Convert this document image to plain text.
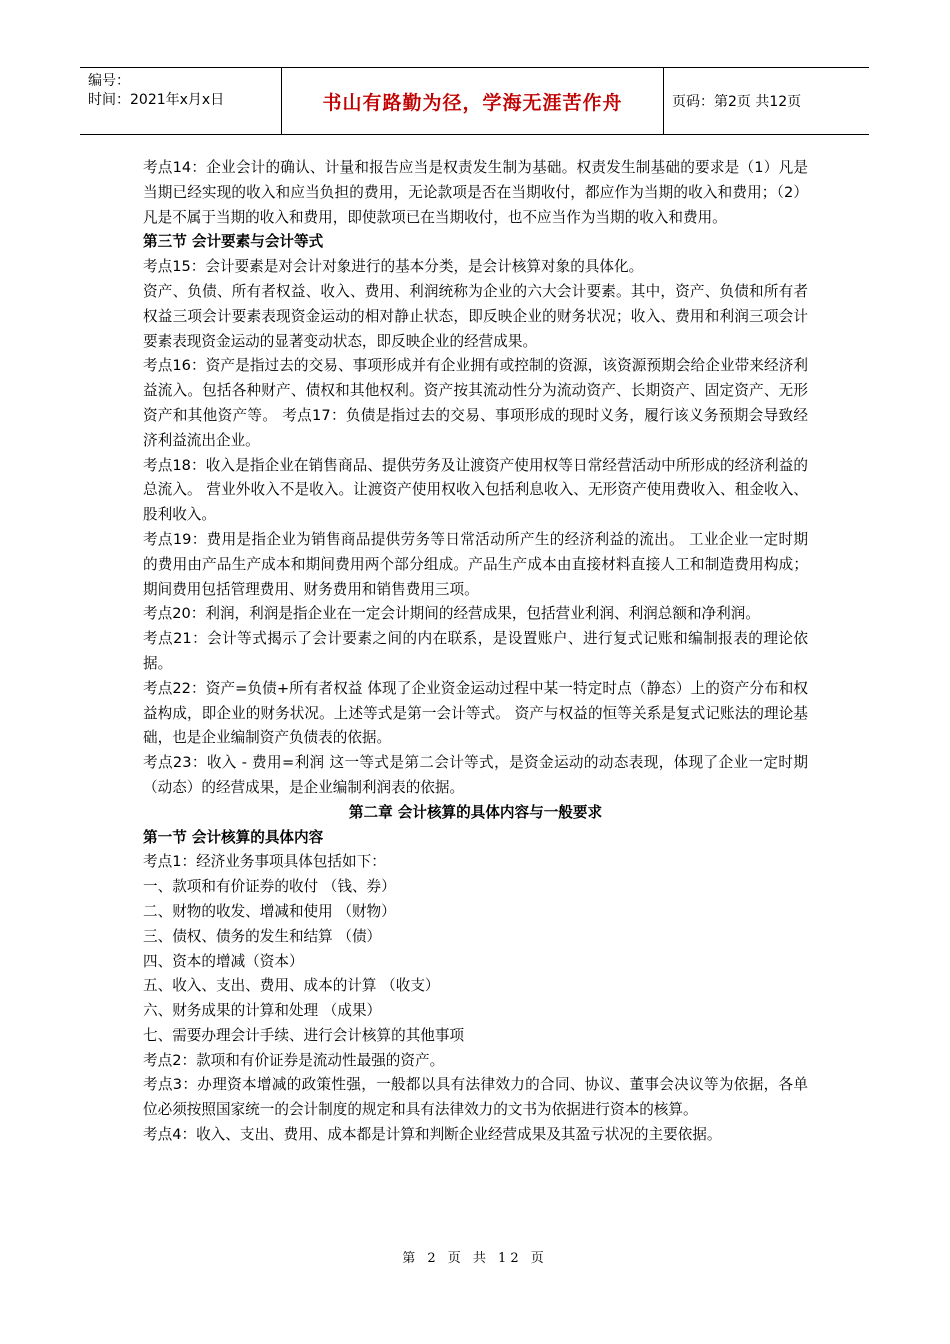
编号：
时间：2021年x月x日	书山有路勤为径，学海无涯苦作舟	页码：第2页 共12页

考点14：企业会计的确认、计量和报告应当是权责发生制为基础。权责发生制基础的要求是（1）凡是当期已经实现的收入和应当负担的费用，无论款项是否在当期收付，都应作为当期的收入和费用；（2）凡是不属于当期的收入和费用，即使款项已在当期收付，也不应当作为当期的收入和费用。

第三节 会计要素与会计等式

考点15：会计要素是对会计对象进行的基本分类，是会计核算对象的具体化。

资产、负债、所有者权益、收入、费用、利润统称为企业的六大会计要素。其中，资产、负债和所有者权益三项会计要素表现资金运动的相对静止状态，即反映企业的财务状况；收入、费用和利润三项会计要素表现资金运动的显著变动状态，即反映企业的经营成果。

考点16：资产是指过去的交易、事项形成并有企业拥有或控制的资源，该资源预期会给企业带来经济利益流入。包括各种财产、债权和其他权利。资产按其流动性分为流动资产、长期资产、固定资产、无形资产和其他资产等。 考点17：负债是指过去的交易、事项形成的现时义务，履行该义务预期会导致经济利益流出企业。

考点18：收入是指企业在销售商品、提供劳务及让渡资产使用权等日常经营活动中所形成的经济利益的总流入。 营业外收入不是收入。让渡资产使用权收入包括利息收入、无形资产使用费收入、租金收入、股利收入。

考点19：费用是指企业为销售商品提供劳务等日常活动所产生的经济利益的流出。 工业企业一定时期的费用由产品生产成本和期间费用两个部分组成。产品生产成本由直接材料直接人工和制造费用构成；期间费用包括管理费用、财务费用和销售费用三项。

考点20：利润，利润是指企业在一定会计期间的经营成果，包括营业利润、利润总额和净利润。

考点21：会计等式揭示了会计要素之间的内在联系，是设置账户、进行复式记账和编制报表的理论依据。

考点22：资产=负债+所有者权益 体现了企业资金运动过程中某一特定时点（静态）上的资产分布和权益构成，即企业的财务状况。上述等式是第一会计等式。 资产与权益的恒等关系是复式记账法的理论基础，也是企业编制资产负债表的依据。

考点23：收入 - 费用=利润 这一等式是第二会计等式，是资金运动的动态表现，体现了企业一定时期（动态）的经营成果，是企业编制利润表的依据。

第二章 会计核算的具体内容与一般要求

第一节 会计核算的具体内容

考点1：经济业务事项具体包括如下：

一、款项和有价证券的收付 （钱、券）

二、财物的收发、增减和使用 （财物）

三、债权、债务的发生和结算 （债）

四、资本的增减（资本）

五、收入、支出、费用、成本的计算 （收支）

六、财务成果的计算和处理 （成果）

七、需要办理会计手续、进行会计核算的其他事项

考点2：款项和有价证券是流动性最强的资产。

考点3：办理资本增减的政策性强，一般都以具有法律效力的合同、协议、董事会决议等为依据，各单位必须按照国家统一的会计制度的规定和具有法律效力的文书为依据进行资本的核算。

考点4：收入、支出、费用、成本都是计算和判断企业经营成果及其盈亏状况的主要依据。

第 2 页 共 12 页
